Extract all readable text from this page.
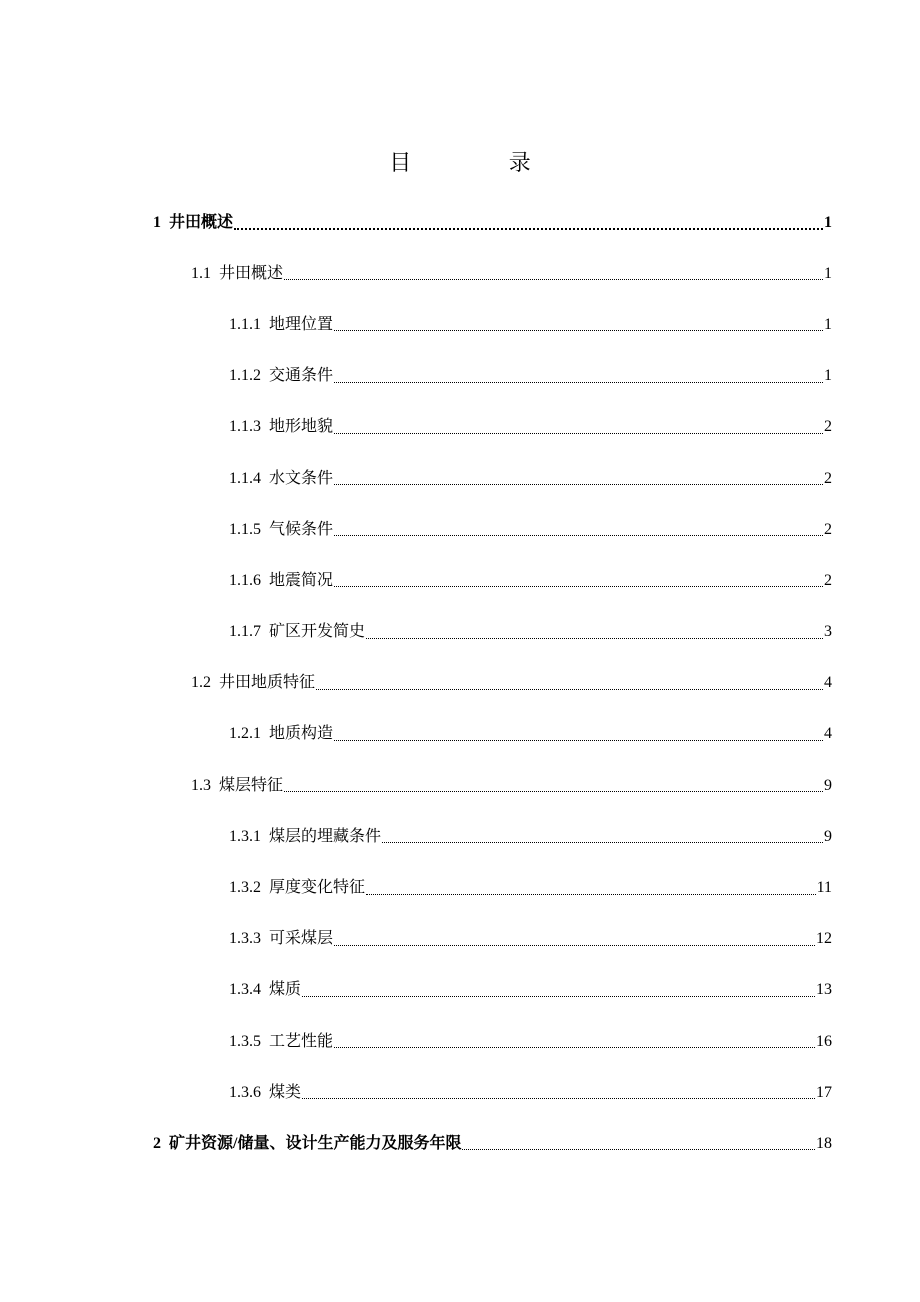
目 录
1 井田概述	1
1.1 井田概述	1
1.1.1 地理位置	1
1.1.2 交通条件	1
1.1.3 地形地貌	2
1.1.4 水文条件	2
1.1.5 气候条件	2
1.1.6 地震简况	2
1.1.7 矿区开发简史	3
1.2 井田地质特征	4
1.2.1 地质构造	4
1.3 煤层特征	9
1.3.1 煤层的埋藏条件	9
1.3.2 厚度变化特征	11
1.3.3 可采煤层	12
1.3.4 煤质	13
1.3.5 工艺性能	16
1.3.6 煤类	17
2 矿井资源/储量、设计生产能力及服务年限	18
